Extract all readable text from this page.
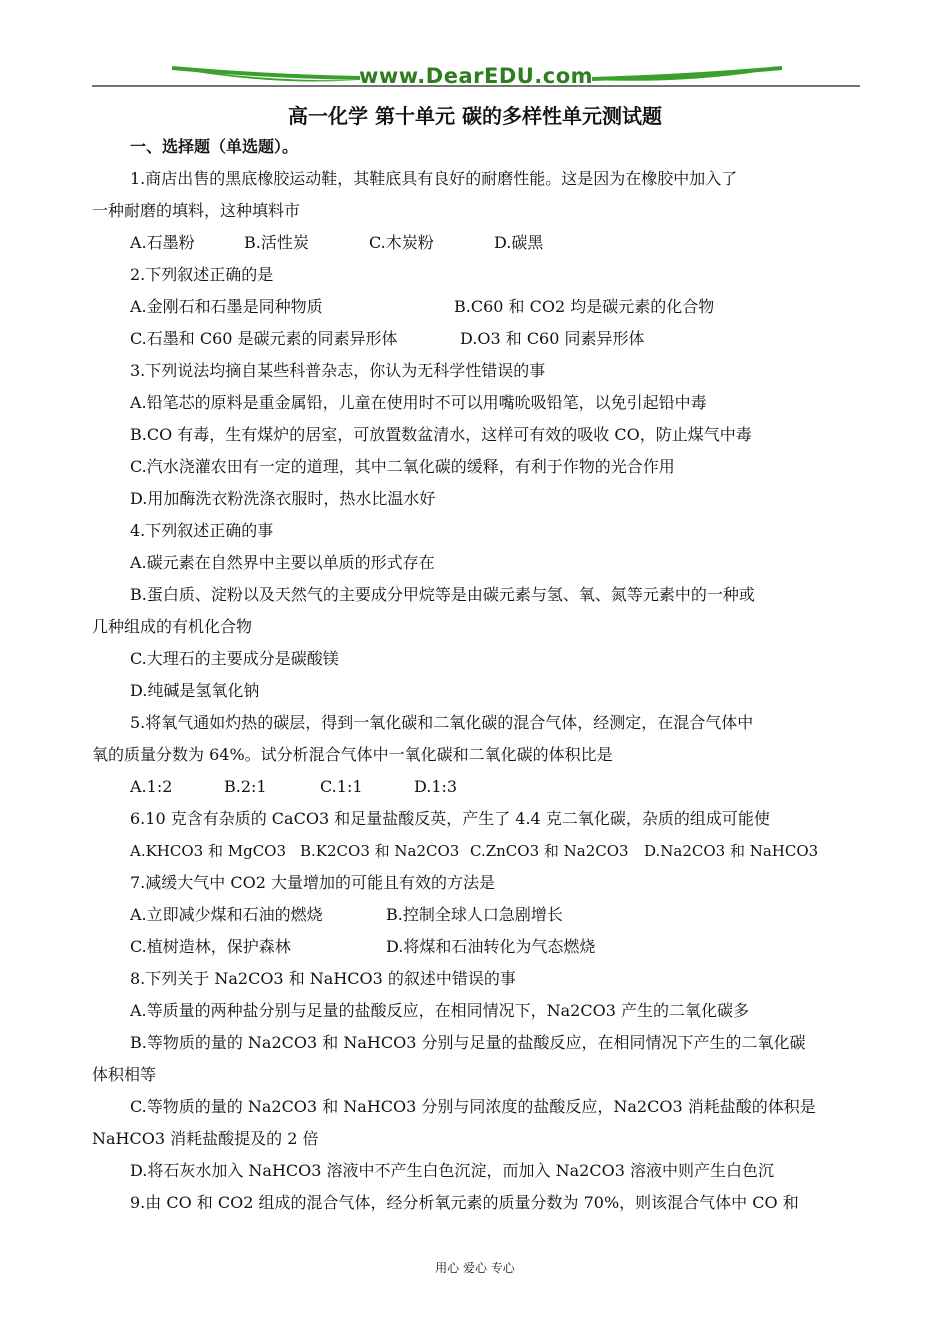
www.DearEDU.com
高一化学 第十单元 碳的多样性单元测试题
一、选择题（单选题）。
1.商店出售的黑底橡胶运动鞋，其鞋底具有良好的耐磨性能。这是因为在橡胶中加入了
一种耐磨的填料，这种填料市
A.石墨粉	B.活性炭	C.木炭粉	D.碳黑
2.下列叙述正确的是
A.金刚石和石墨是同种物质	B.C60 和 CO2 均是碳元素的化合物
C.石墨和 C60 是碳元素的同素异形体	D.O3 和 C60 同素异形体
3.下列说法均摘自某些科普杂志，你认为无科学性错误的事
A.铅笔芯的原料是重金属铅，儿童在使用时不可以用嘴吮吸铅笔，以免引起铅中毒
B.CO 有毒，生有煤炉的居室，可放置数盆清水，这样可有效的吸收 CO，防止煤气中毒
C.汽水浇灌农田有一定的道理，其中二氧化碳的缓释，有利于作物的光合作用
D.用加酶洗衣粉洗涤衣服时，热水比温水好
4.下列叙述正确的事
A.碳元素在自然界中主要以单质的形式存在
B.蛋白质、淀粉以及天然气的主要成分甲烷等是由碳元素与氢、氧、氮等元素中的一种或
几种组成的有机化合物
C.大理石的主要成分是碳酸镁
D.纯碱是氢氧化钠
5.将氧气通如灼热的碳层，得到一氧化碳和二氧化碳的混合气体，经测定，在混合气体中
氧的质量分数为 64%。试分析混合气体中一氧化碳和二氧化碳的体积比是
A.1:2	B.2:1	C.1:1	D.1:3
6.10 克含有杂质的 CaCO3 和足量盐酸反英，产生了 4.4 克二氧化碳，杂质的组成可能使
A.KHCO3 和 MgCO3 B.K2CO3 和 Na2CO3 C.ZnCO3 和 Na2CO3 D.Na2CO3 和 NaHCO3
7.减缓大气中 CO2 大量增加的可能且有效的方法是
A.立即减少煤和石油的燃烧	B.控制全球人口急剧增长
C.植树造林，保护森林	D.将煤和石油转化为气态燃烧
8.下列关于 Na2CO3 和 NaHCO3 的叙述中错误的事
A.等质量的两种盐分别与足量的盐酸反应，在相同情况下，Na2CO3 产生的二氧化碳多
B.等物质的量的 Na2CO3 和 NaHCO3 分别与足量的盐酸反应，在相同情况下产生的二氧化碳
体积相等
C.等物质的量的 Na2CO3 和 NaHCO3 分别与同浓度的盐酸反应，Na2CO3 消耗盐酸的体积是
NaHCO3 消耗盐酸提及的 2 倍
D.将石灰水加入 NaHCO3 溶液中不产生白色沉淀，而加入 Na2CO3 溶液中则产生白色沉
9.由 CO 和 CO2 组成的混合气体，经分析氧元素的质量分数为 70%，则该混合气体中 CO 和
用心 爱心 专心
